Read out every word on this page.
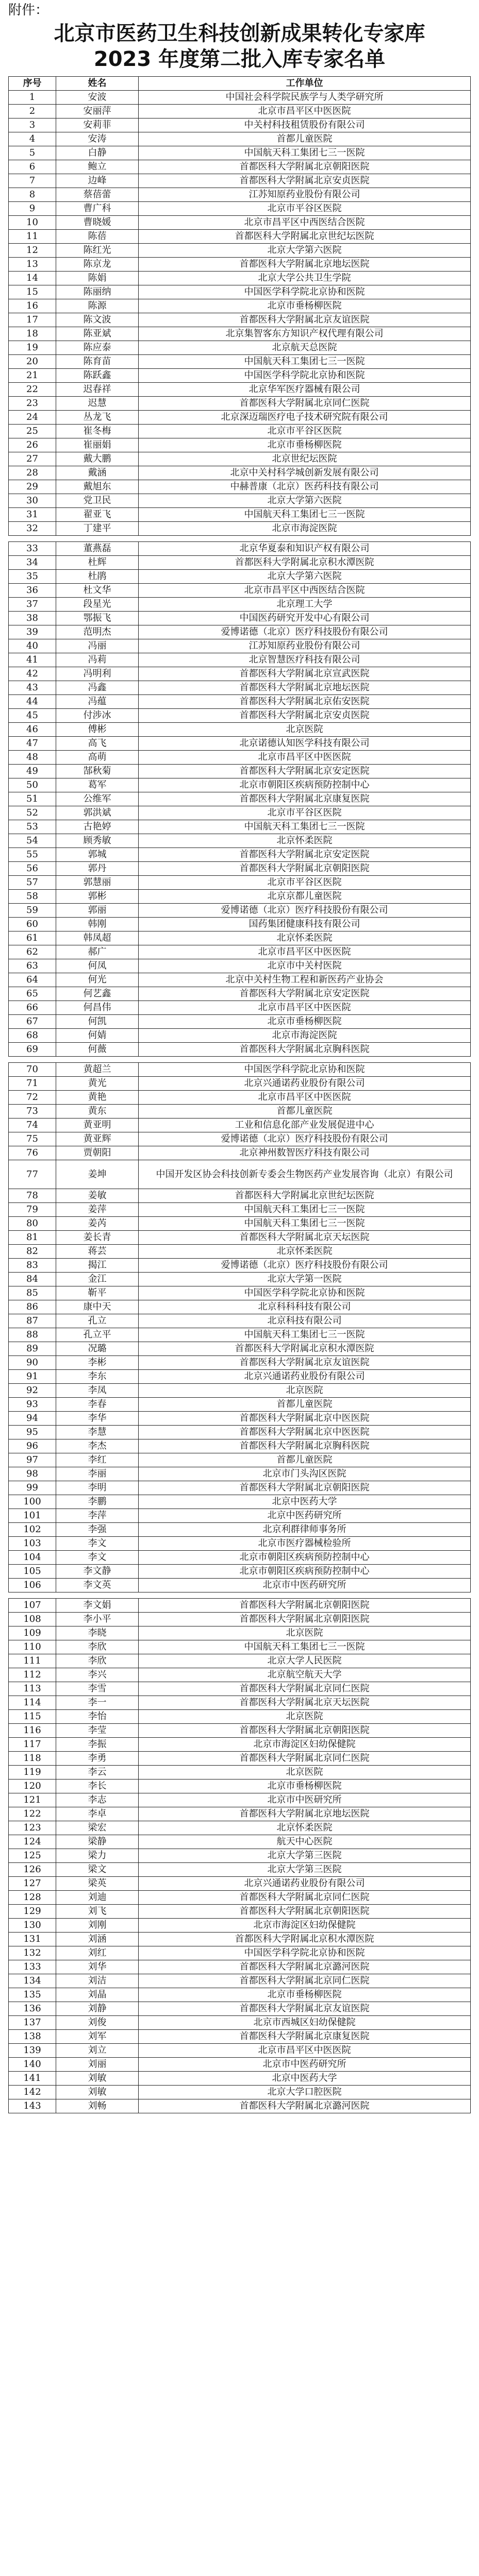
附件：
北京市医药卫生科技创新成果转化专家库
2023 年度第二批入库专家名单
序号	姓名	工作单位
1	安波	中国社会科学院民族学与人类学研究所
2	安丽萍	北京市昌平区中医医院
3	安莉菲	中关村科技租赁股份有限公司
4	安涛	首都儿童医院
5	白静	中国航天科工集团七三一医院
6	鲍立	首都医科大学附属北京朝阳医院
7	边峰	首都医科大学附属北京安贞医院
8	蔡蓓蕾	江苏知原药业股份有限公司
9	曹广科	北京市平谷区医院
10	曹晓媛	北京市昌平区中西医结合医院
11	陈蓓	首都医科大学附属北京世纪坛医院
12	陈红光	北京大学第六医院
13	陈京龙	首都医科大学附属北京地坛医院
14	陈娟	北京大学公共卫生学院
15	陈丽纳	中国医学科学院北京协和医院
16	陈源	北京市垂杨柳医院
17	陈文波	首都医科大学附属北京友谊医院
18	陈亚斌	北京集智客东方知识产权代理有限公司
19	陈应泰	北京航天总医院
20	陈育苗	中国航天科工集团七三一医院
21	陈跃鑫	中国医学科学院北京协和医院
22	迟春祥	北京华军医疗器械有限公司
23	迟慧	首都医科大学附属北京同仁医院
24	丛龙飞	北京深迈瑞医疗电子技术研究院有限公司
25	崔冬梅	北京市平谷区医院
26	崔丽娟	北京市垂杨柳医院
27	戴大鹏	北京世纪坛医院
28	戴涵	北京中关村科学城创新发展有限公司
29	戴旭东	中赫普康（北京）医药科技有限公司
30	党卫民	北京大学第六医院
31	翟亚飞	中国航天科工集团七三一医院
32	丁建平	北京市海淀医院

33	董燕磊	北京华夏泰和知识产权有限公司
34	杜辉	首都医科大学附属北京积水潭医院
35	杜鹃	北京大学第六医院
36	杜文华	北京市昌平区中西医结合医院
37	段星光	北京理工大学
38	鄂振飞	中国医药研究开发中心有限公司
39	范明杰	爱博诺德（北京）医疗科技股份有限公司
40	冯丽	江苏知原药业股份有限公司
41	冯莉	北京智慧医疗科技有限公司
42	冯明利	首都医科大学附属北京宣武医院
43	冯鑫	首都医科大学附属北京地坛医院
44	冯蕴	首都医科大学附属北京佑安医院
45	付涉冰	首都医科大学附属北京安贞医院
46	傅彬	北京医院
47	高飞	北京诺德认知医学科技有限公司
48	高萌	北京市昌平区中医医院
49	郜秋菊	首都医科大学附属北京安定医院
50	葛军	北京市朝阳区疾病预防控制中心
51	公维军	首都医科大学附属北京康复医院
52	郭洪斌	北京市平谷区医院
53	古艳婷	中国航天科工集团七三一医院
54	顾秀敏	北京怀柔医院
55	郭城	首都医科大学附属北京安定医院
56	郭丹	首都医科大学附属北京朝阳医院
57	郭慧丽	北京市平谷区医院
58	郭彬	北京京都儿童医院
59	郭丽	爱博诺德（北京）医疗科技股份有限公司
60	韩刚	国药集团健康科技有限公司
61	韩凤超	北京怀柔医院
62	郝广	北京市昌平区中医医院
63	何凤	北京市中关村医院
64	何光	北京中关村生物工程和新医药产业协会
65	何艺鑫	首都医科大学附属北京安定医院
66	何昌伟	北京市昌平区中医医院
67	何凯	北京市垂杨柳医院
68	何婧	北京市海淀医院
69	何薇	首都医科大学附属北京胸科医院

70	黄超兰	中国医学科学院北京协和医院
71	黄光	北京兴通诺药业股份有限公司
72	黄艳	北京市昌平区中医医院
73	黄东	首都儿童医院
74	黄亚明	工业和信息化部产业发展促进中心
75	黄亚辉	爱博诺德（北京）医疗科技股份有限公司
76	贾朝阳	北京神州数智医疗科技有限公司
77	姜坤	中国开发区协会科技创新专委会生物医药产业发展咨询（北京）有限公司
78	姜敏	首都医科大学附属北京世纪坛医院
79	姜萍	中国航天科工集团七三一医院
80	姜芮	中国航天科工集团七三一医院
81	姜长青	首都医科大学附属北京天坛医院
82	蒋芸	北京怀柔医院
83	揭江	爱博诺德（北京）医疗科技股份有限公司
84	金江	北京大学第一医院
85	靳平	中国医学科学院北京协和医院
86	康中天	北京科科科技有限公司
87	孔立	北京科技有限公司
88	孔立平	中国航天科工集团七三一医院
89	况璐	首都医科大学附属北京积水潭医院
90	李彬	首都医科大学附属北京友谊医院
91	李东	北京兴通诺药业股份有限公司
92	李凤	北京医院
93	李春	首都儿童医院
94	李华	首都医科大学附属北京中医医院
95	李慧	首都医科大学附属北京中医医院
96	李杰	首都医科大学附属北京胸科医院
97	李红	首都儿童医院
98	李丽	北京市门头沟区医院
99	李明	首都医科大学附属北京朝阳医院
100	李鹏	北京中医药大学
101	李萍	北京中医药研究所
102	李强	北京利群律师事务所
103	李文	北京市医疗器械检验所
104	李文	北京市朝阳区疾病预防控制中心
105	李文静	北京市朝阳区疾病预防控制中心
106	李文英	北京市中医药研究所

107	李文娟	首都医科大学附属北京朝阳医院
108	李小平	首都医科大学附属北京朝阳医院
109	李晓	北京医院
110	李欣	中国航天科工集团七三一医院
111	李欣	北京大学人民医院
112	李兴	北京航空航天大学
113	李雪	首都医科大学附属北京同仁医院
114	李一	首都医科大学附属北京天坛医院
115	李怡	北京医院
116	李莹	首都医科大学附属北京朝阳医院
117	李振	北京市海淀区妇幼保健院
118	李勇	首都医科大学附属北京同仁医院
119	李云	北京医院
120	李长	北京市垂杨柳医院
121	李志	北京市中医研究所
122	李卓	首都医科大学附属北京地坛医院
123	梁宏	北京怀柔医院
124	梁静	航天中心医院
125	梁力	北京大学第三医院
126	梁文	北京大学第三医院
127	梁英	北京兴通诺药业股份有限公司
128	刘迪	首都医科大学附属北京同仁医院
129	刘飞	首都医科大学附属北京朝阳医院
130	刘刚	北京市海淀区妇幼保健院
131	刘涵	首都医科大学附属北京积水潭医院
132	刘红	中国医学科学院北京协和医院
133	刘华	首都医科大学附属北京潞河医院
134	刘洁	首都医科大学附属北京同仁医院
135	刘晶	北京市垂杨柳医院
136	刘静	首都医科大学附属北京友谊医院
137	刘俊	北京市西城区妇幼保健院
138	刘军	首都医科大学附属北京康复医院
139	刘立	北京市昌平区中医医院
140	刘丽	北京市中医药研究所
141	刘敏	北京中医药大学
142	刘敏	北京大学口腔医院
143	刘畅	首都医科大学附属北京潞河医院
